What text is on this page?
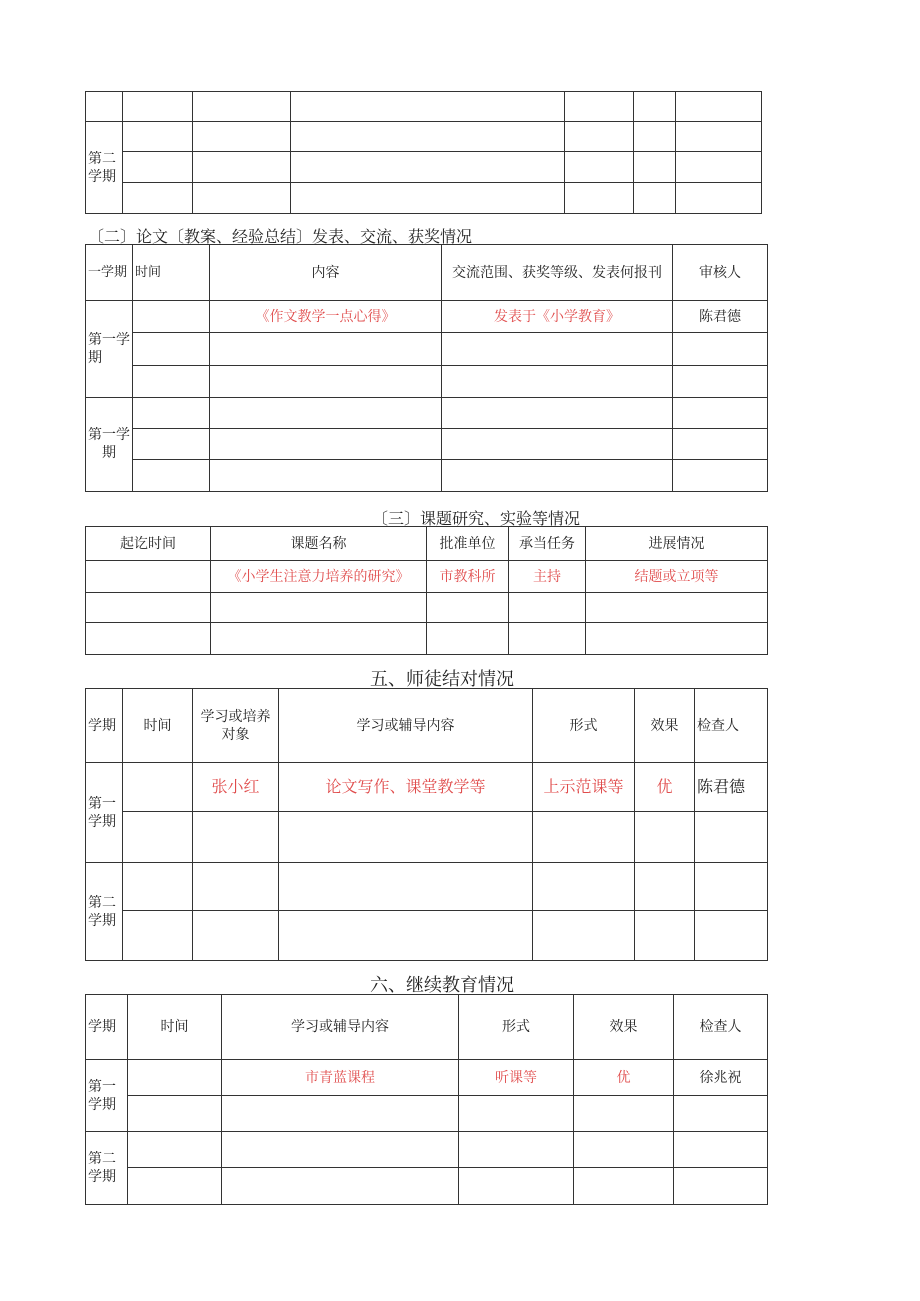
第二学期						

〔二〕论文〔教案、经验总结〕发表、交流、获奖情况
一学期	时间	内容	交流范围、获奖等级、发表何报刊	审核人
第一学期		《作文教学一点心得》	发表于《小学教育》	陈君德

第一学期				

〔三〕课题研究、实验等情况
起讫时间	课题名称	批准单位	承当任务	进展情况
	《小学生注意力培养的研究》	市教科所	主持	结题或立项等

五、师徒结对情况
学期	时间	学习或培养对象	学习或辅导内容	形式	效果	检查人
第一学期		张小红	论文写作、课堂教学等	上示范课等	优	陈君德

第二学期						

六、继续教育情况
学期	时间	学习或辅导内容	形式	效果	检查人
第一学期		市青蓝课程	听课等	优	徐兆祝

第二学期					
